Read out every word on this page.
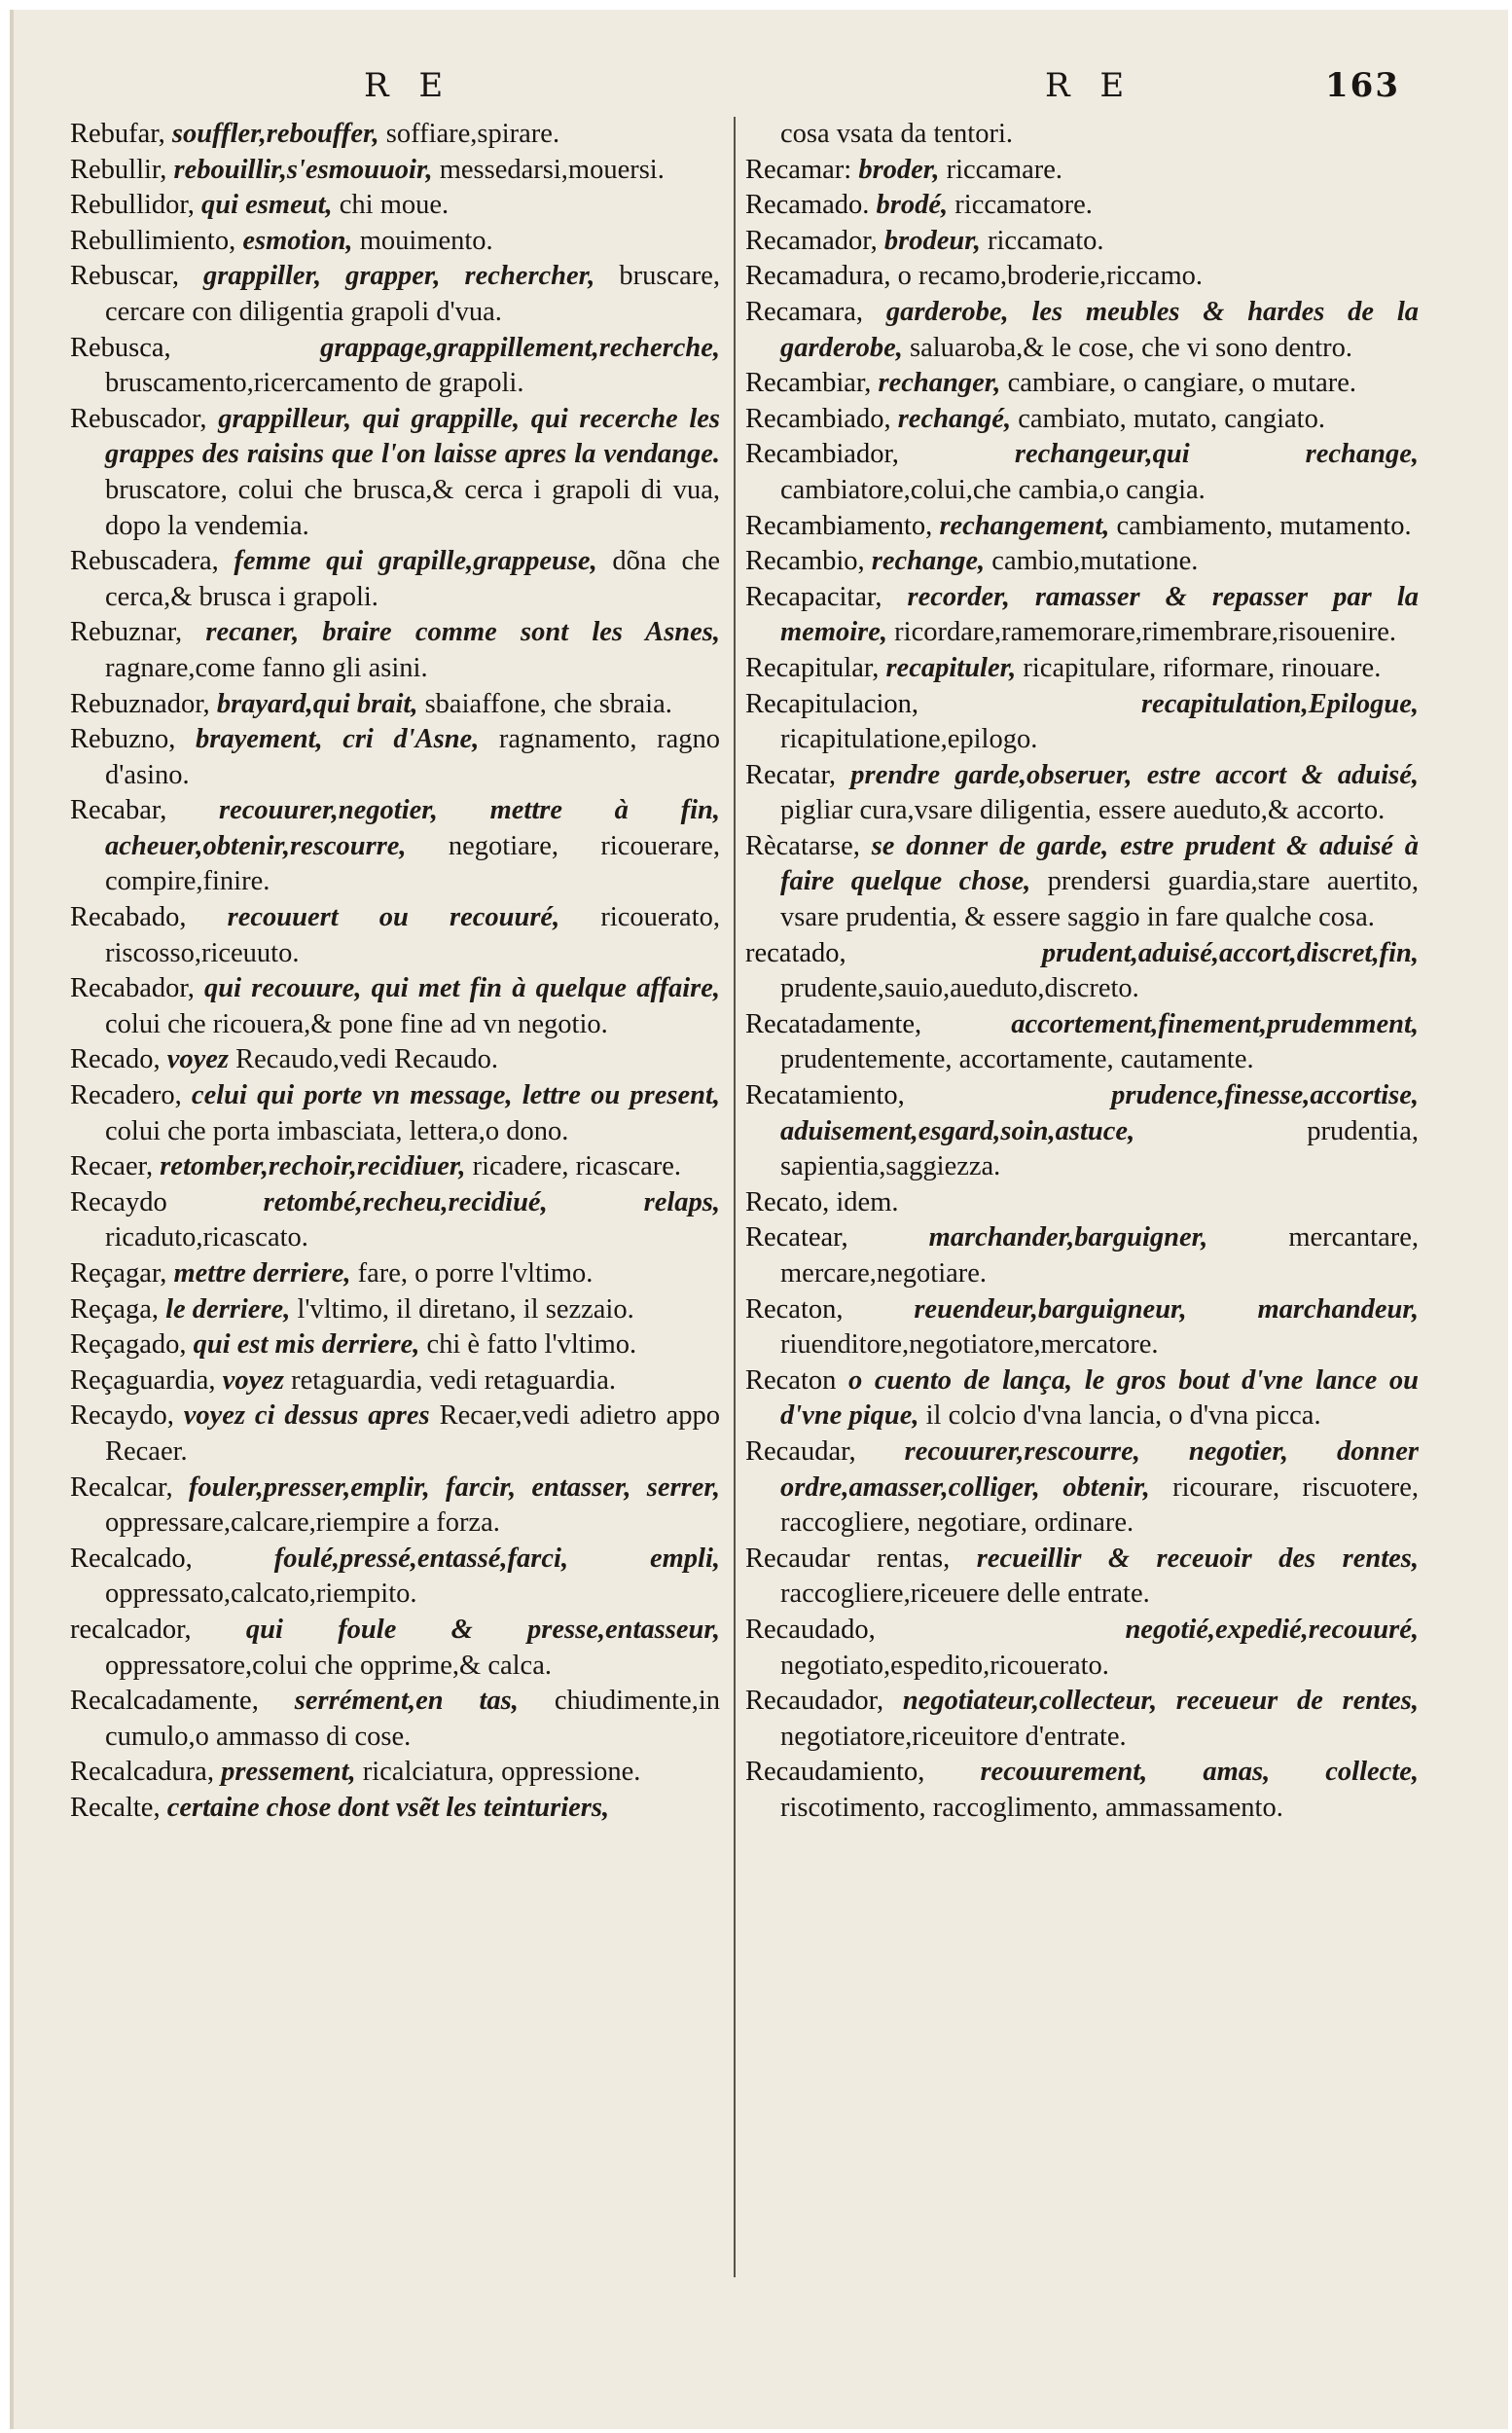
R E	R E	163
Rebufar, souffler,rebouffer, soffiare,spirare.
Rebullir, rebouillir,s'esmouuoir, messedarsi,mouersi.
Rebullidor, qui esmeut, chi moue.
Rebullimiento, esmotion, mouimento.
Rebuscar, grappiller, grapper, rechercher, bruscare, cercare con diligentia grapoli d'vua.
Rebusca,	grappage,grappillement,recherche, bruscamento,ricercamento de grapoli.
Rebuscador, grappilleur, qui grappille, qui recerche les grappes des raisins que l'on laisse apres la vendange. bruscatore, colui che brusca,& cerca i grapoli di vua, dopo la vendemia.
Rebuscadera, femme qui grapille,grappeuse, dõna che cerca,& brusca i grapoli.
Rebuznar, recaner, braire comme sont les Asnes, ragnare,come fanno gli asini.
Rebuznador, brayard,qui brait, sbaiaffone, che sbraia.
Rebuzno, brayement, cri d'Asne, ragnamento, ragno d'asino.
Recabar, recouurer,negotier, mettre à fin, acheuer,obtenir,rescourre, negotiare, ricouerare, compire,finire.
Recabado, recouuert ou recouuré, ricouerato, riscosso,riceuuto.
Recabador, qui recouure, qui met fin à quelque affaire, colui che ricouera,& pone fine ad vn negotio.
Recado, voyez Recaudo,vedi Recaudo.
Recadero, celui qui porte vn message, lettre ou present, colui che porta imbasciata, lettera,o dono.
Recaer, retomber,rechoir,recidiuer, ricadere, ricascare.
Recaydo	retombé,recheu,recidiué, relaps, ricaduto,ricascato.
Reçagar, mettre derriere, fare, o porre l'vltimo.
Reçaga, le derriere, l'vltimo, il diretano, il sezzaio.
Reçagado, qui est mis derriere, chi è fatto l'vltimo.
Reçaguardia, voyez retaguardia, vedi retaguardia.
Recaydo, voyez ci dessus apres Recaer,vedi adietro appo Recaer.
Recalcar, fouler,presser,emplir, farcir, entasser, serrer, oppressare,calcare,riempire a forza.
Recalcado,	foulé,pressé,entassé,farci, empli, oppressato,calcato,riempito.
recalcador, qui foule & presse,entasseur, oppressatore,colui che opprime,& calca.
Recalcadamente, serrément,en tas, chiudimente,in cumulo,o ammasso di cose.
Recalcadura, pressement, ricalciatura, oppressione.
Recalte, certaine chose dont vsẽt les teinturiers,
cosa vsata da tentori.
Recamar: broder, riccamare.
Recamado. brodé, riccamatore.
Recamador, brodeur, riccamato.
Recamadura, o recamo,broderie,riccamo.
Recamara, garderobe, les meubles & hardes de la garderobe, saluaroba,& le cose, che vi sono dentro.
Recambiar, rechanger, cambiare, o cangiare, o mutare.
Recambiado, rechangé, cambiato, mutato, cangiato.
Recambiador,	rechangeur,qui rechange, cambiatore,colui,che cambia,o cangia.
Recambiamento, rechangement, cambiamento, mutamento.
Recambio, rechange, cambio,mutatione.
Recapacitar, recorder, ramasser & repasser par la memoire, ricordare,ramemorare,rimembrare,risouenire.
Recapitular, recapituler, ricapitulare, riformare, rinouare.
Recapitulacion,	recapitulation,Epilogue, ricapitulatione,epilogo.
Recatar, prendre garde,obseruer, estre accort & aduisé, pigliar cura,vsare diligentia, essere aueduto,& accorto.
Rècatarse, se donner de garde, estre prudent & aduisé à faire quelque chose, prendersi guardia,stare auertito, vsare prudentia, & essere saggio in fare qualche cosa.
recatado,	prudent,aduisé,accort,discret,fin, prudente,sauio,aueduto,discreto.
Recatadamente,	accortement,finement,prudemment, prudentemente, accortamente, cautamente.
Recatamiento,	prudence,finesse,accortise, aduisement,esgard,soin,astuce,	prudentia, sapientia,saggiezza.
Recato, idem.
Recatear,	marchander,barguigner,	mercantare, mercare,negotiare.
Recaton,	reuendeur,barguigneur, marchandeur, riuenditore,negotiatore,mercatore.
Recaton o cuento de lança, le gros bout d'vne lance ou d'vne pique, il colcio d'vna lancia, o d'vna picca.
Recaudar, recouurer,rescourre, negotier, donner ordre,amasser,colliger, obtenir, ricourare, riscuotere, raccogliere, negotiare, ordinare.
Recaudar rentas, recueillir & receuoir des rentes, raccogliere,riceuere delle entrate.
Recaudado,	negotié,expedié,recouuré, negotiato,espedito,ricouerato.
Recaudador, negotiateur,collecteur, receueur de rentes, negotiatore,riceuitore d'entrate.
Recaudamiento, recouurement, amas, collecte, riscotimento, raccoglimento, ammassamento.
